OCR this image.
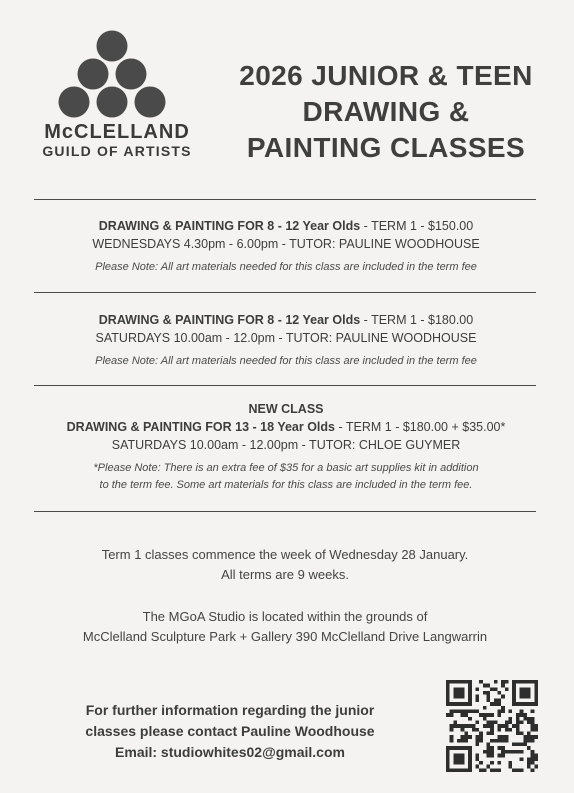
McCLELLAND
GUILD OF ARTISTS
2026 JUNIOR & TEEN
DRAWING &
PAINTING CLASSES
DRAWING & PAINTING FOR 8 - 12 Year Olds - TERM 1 - $150.00
WEDNESDAYS 4.30pm - 6.00pm - TUTOR: PAULINE WOODHOUSE
Please Note: All art materials needed for this class are included in the term fee
DRAWING & PAINTING FOR 8 - 12 Year Olds - TERM 1 - $180.00
SATURDAYS 10.00am - 12.0pm - TUTOR: PAULINE WOODHOUSE
Please Note: All art materials needed for this class are included in the term fee
NEW CLASS
DRAWING & PAINTING FOR 13 - 18 Year Olds - TERM 1 - $180.00 + $35.00*
SATURDAYS 10.00am - 12.00pm - TUTOR: CHLOE GUYMER
*Please Note: There is an extra fee of $35 for a basic art supplies kit in addition
to the term fee. Some art materials for this class are included in the term fee.
Term 1 classes commence the week of Wednesday 28 January.
All terms are 9 weeks.
The MGoA Studio is located within the grounds of
McClelland Sculpture Park + Gallery 390 McClelland Drive Langwarrin
For further information regarding the junior
classes please contact Pauline Woodhouse
Email: studiowhites02@gmail.com
